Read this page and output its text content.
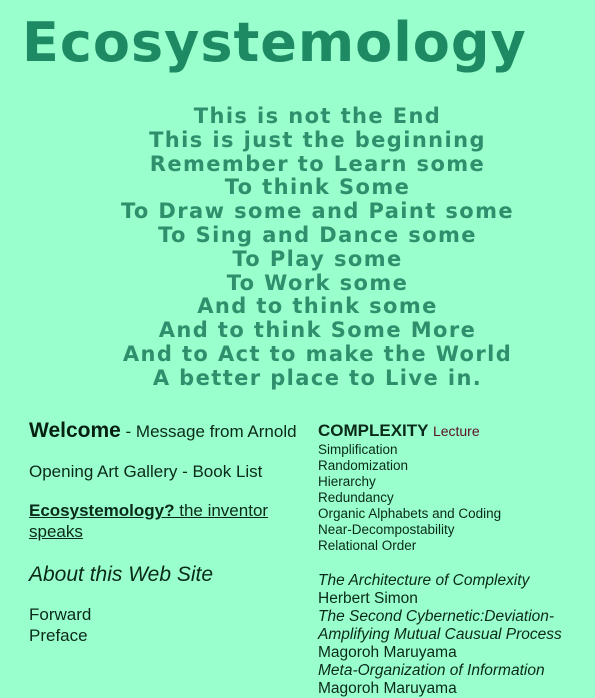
Ecosystemology
This is not the End
This is just the beginning
Remember to Learn some
To think Some
To Draw some and Paint some
To Sing and Dance some
To Play some
To Work some
And to think some
And to think Some More
And to Act to make the World
A better place to Live in.
Welcome - Message from Arnold
Opening Art Gallery - Book List
Ecosystemology? the inventor speaks
About this Web Site
Forward
Preface
COMPLEXITY Lecture
Simplification
Randomization
Hierarchy
Redundancy
Organic Alphabets and Coding
Near-Decompostability
Relational Order
The Architecture of Complexity
Herbert Simon
The Second Cybernetic:Deviation-Amplifying Mutual Causual Process
Magoroh Maruyama
Meta-Organization of Information
Magoroh Maruyama
